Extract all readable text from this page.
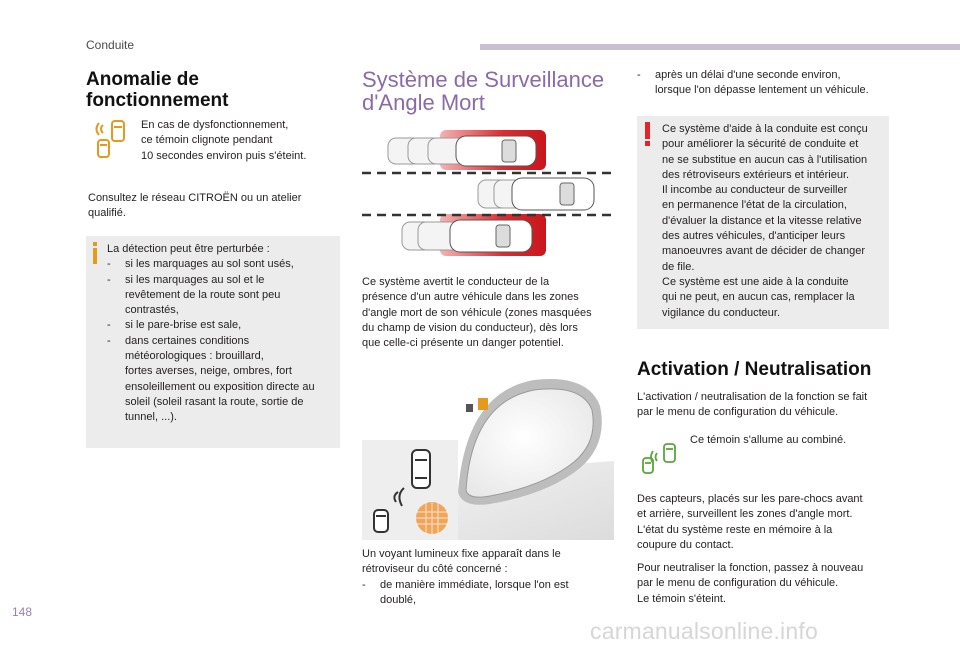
Conduite
Anomalie de
fonctionnement
En cas de dysfonctionnement,
ce témoin clignote pendant
10 secondes environ puis s'éteint.
Consultez le réseau CITROËN ou un atelier
qualifié.
La détection peut être perturbée :
-	si les marquages au sol sont usés,
-	si les marquages au sol et le
revêtement de la route sont peu
contrastés,
-	si le pare-brise est sale,
-	dans certaines conditions
météorologiques : brouillard,
fortes averses, neige, ombres, fort
ensoleillement ou exposition directe au
soleil (soleil rasant la route, sortie de
tunnel, ...).
Système de Surveillance
d'Angle Mort
Ce système avertit le conducteur de la
présence d'un autre véhicule dans les zones
d'angle mort de son véhicule (zones masquées
du champ de vision du conducteur), dès lors
que celle-ci présente un danger potentiel.
Un voyant lumineux fixe apparaît dans le
rétroviseur du côté concerné :
-	de manière immédiate, lorsque l'on est
doublé,
-	après un délai d'une seconde environ,
lorsque l'on dépasse lentement un véhicule.
Ce système d'aide à la conduite est conçu
pour améliorer la sécurité de conduite et
ne se substitue en aucun cas à l'utilisation
des rétroviseurs extérieurs et intérieur.
Il incombe au conducteur de surveiller
en permanence l'état de la circulation,
d'évaluer la distance et la vitesse relative
des autres véhicules, d'anticiper leurs
manoeuvres avant de décider de changer
de file.
Ce système est une aide à la conduite
qui ne peut, en aucun cas, remplacer la
vigilance du conducteur.
Activation / Neutralisation
L'activation / neutralisation de la fonction se fait
par le menu de configuration du véhicule.
Ce témoin s'allume au combiné.
Des capteurs, placés sur les pare-chocs avant
et arrière, surveillent les zones d'angle mort.
L'état du système reste en mémoire à la
coupure du contact.
Pour neutraliser la fonction, passez à nouveau
par le menu de configuration du véhicule.
Le témoin s'éteint.
148
carmanualsonline.info
